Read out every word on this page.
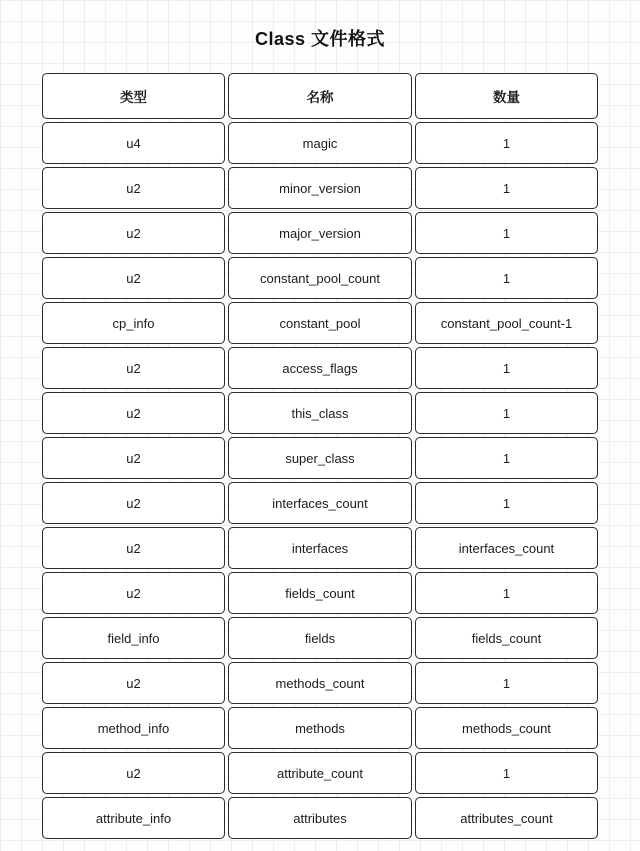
Class 文件格式
类型	名称	数量
u4	magic	1
u2	minor_version	1
u2	major_version	1
u2	constant_pool_count	1
cp_info	constant_pool	constant_pool_count-1
u2	access_flags	1
u2	this_class	1
u2	super_class	1
u2	interfaces_count	1
u2	interfaces	interfaces_count
u2	fields_count	1
field_info	fields	fields_count
u2	methods_count	1
method_info	methods	methods_count
u2	attribute_count	1
attribute_info	attributes	attributes_count
